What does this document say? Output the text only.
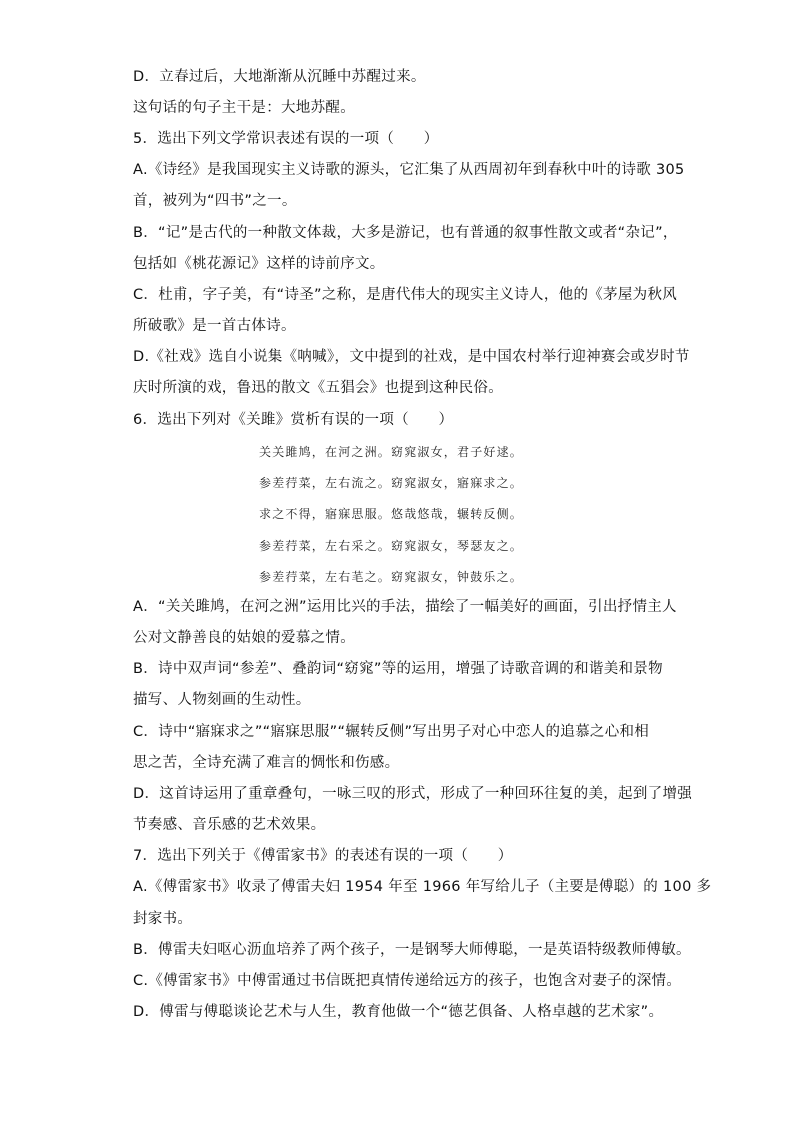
D．立春过后，大地渐渐从沉睡中苏醒过来。
这句话的句子主干是：大地苏醒。
5．选出下列文学常识表述有误的一项（　　）
A.《诗经》是我国现实主义诗歌的源头，它汇集了从西周初年到春秋中叶的诗歌 305
首，被列为“四书”之一。
B．“记”是古代的一种散文体裁，大多是游记，也有普通的叙事性散文或者“杂记”，
包括如《桃花源记》这样的诗前序文。
C．杜甫，字子美，有“诗圣”之称，是唐代伟大的现实主义诗人，他的《茅屋为秋风
所破歌》是一首古体诗。
D.《社戏》选自小说集《呐喊》，文中提到的社戏，是中国农村举行迎神赛会或岁时节
庆时所演的戏，鲁迅的散文《五猖会》也提到这种民俗。
6．选出下列对《关雎》赏析有误的一项（　　）
关关雎鸠，在河之洲。窈窕淑女，君子好逑。
参差荇菜，左右流之。窈窕淑女，寤寐求之。
求之不得，寤寐思服。悠哉悠哉，辗转反侧。
参差荇菜，左右采之。窈窕淑女，琴瑟友之。
参差荇菜，左右芼之。窈窕淑女，钟鼓乐之。
A．“关关雎鸠，在河之洲”运用比兴的手法，描绘了一幅美好的画面，引出抒情主人
公对文静善良的姑娘的爱慕之情。
B．诗中双声词“参差”、叠韵词“窈窕”等的运用，增强了诗歌音调的和谐美和景物
描写、人物刻画的生动性。
C．诗中“寤寐求之”“寤寐思服”“辗转反侧”写出男子对心中恋人的追慕之心和相
思之苦，全诗充满了难言的惆怅和伤感。
D．这首诗运用了重章叠句，一咏三叹的形式，形成了一种回环往复的美，起到了增强
节奏感、音乐感的艺术效果。
7．选出下列关于《傅雷家书》的表述有误的一项（　　）
A.《傅雷家书》收录了傅雷夫妇 1954 年至 1966 年写给儿子（主要是傅聪）的 100 多
封家书。
B．傅雷夫妇呕心沥血培养了两个孩子，一是钢琴大师傅聪，一是英语特级教师傅敏。
C.《傅雷家书》中傅雷通过书信既把真情传递给远方的孩子，也饱含对妻子的深情。
D．傅雷与傅聪谈论艺术与人生，教育他做一个“德艺俱备、人格卓越的艺术家”。
